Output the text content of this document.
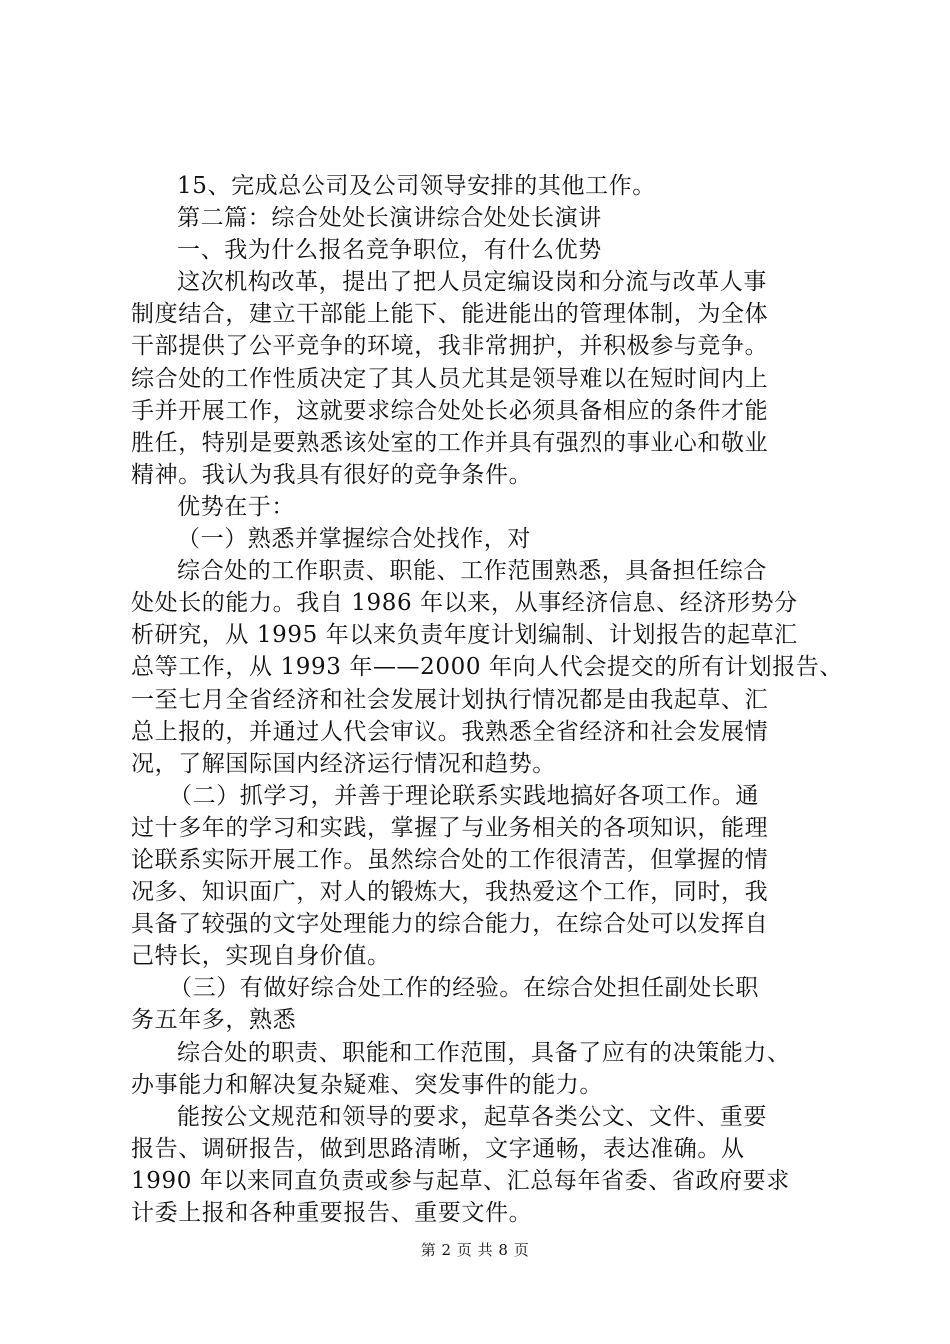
15、完成总公司及公司领导安排的其他工作。
第二篇：综合处处长演讲综合处处长演讲
一、我为什么报名竞争职位，有什么优势
这次机构改革，提出了把人员定编设岗和分流与改革人事
制度结合，建立干部能上能下、能进能出的管理体制，为全体
干部提供了公平竞争的环境，我非常拥护，并积极参与竞争。
综合处的工作性质决定了其人员尤其是领导难以在短时间内上
手并开展工作，这就要求综合处处长必须具备相应的条件才能
胜任，特别是要熟悉该处室的工作并具有强烈的事业心和敬业
精神。我认为我具有很好的竞争条件。
优势在于：
（一）熟悉并掌握综合处找作，对
综合处的工作职责、职能、工作范围熟悉，具备担任综合
处处长的能力。我自 1986 年以来，从事经济信息、经济形势分
析研究，从 1995 年以来负责年度计划编制、计划报告的起草汇
总等工作，从 1993 年——2000 年向人代会提交的所有计划报告、
一至七月全省经济和社会发展计划执行情况都是由我起草、汇
总上报的，并通过人代会审议。我熟悉全省经济和社会发展情
况，了解国际国内经济运行情况和趋势。
（二）抓学习，并善于理论联系实践地搞好各项工作。通
过十多年的学习和实践，掌握了与业务相关的各项知识，能理
论联系实际开展工作。虽然综合处的工作很清苦，但掌握的情
况多、知识面广，对人的锻炼大，我热爱这个工作，同时，我
具备了较强的文字处理能力的综合能力，在综合处可以发挥自
己特长，实现自身价值。
（三）有做好综合处工作的经验。在综合处担任副处长职
务五年多，熟悉
综合处的职责、职能和工作范围，具备了应有的决策能力、
办事能力和解决复杂疑难、突发事件的能力。
能按公文规范和领导的要求，起草各类公文、文件、重要
报告、调研报告，做到思路清晰，文字通畅，表达准确。从
1990 年以来同直负责或参与起草、汇总每年省委、省政府要求
计委上报和各种重要报告、重要文件。
第 2 页 共 8 页
